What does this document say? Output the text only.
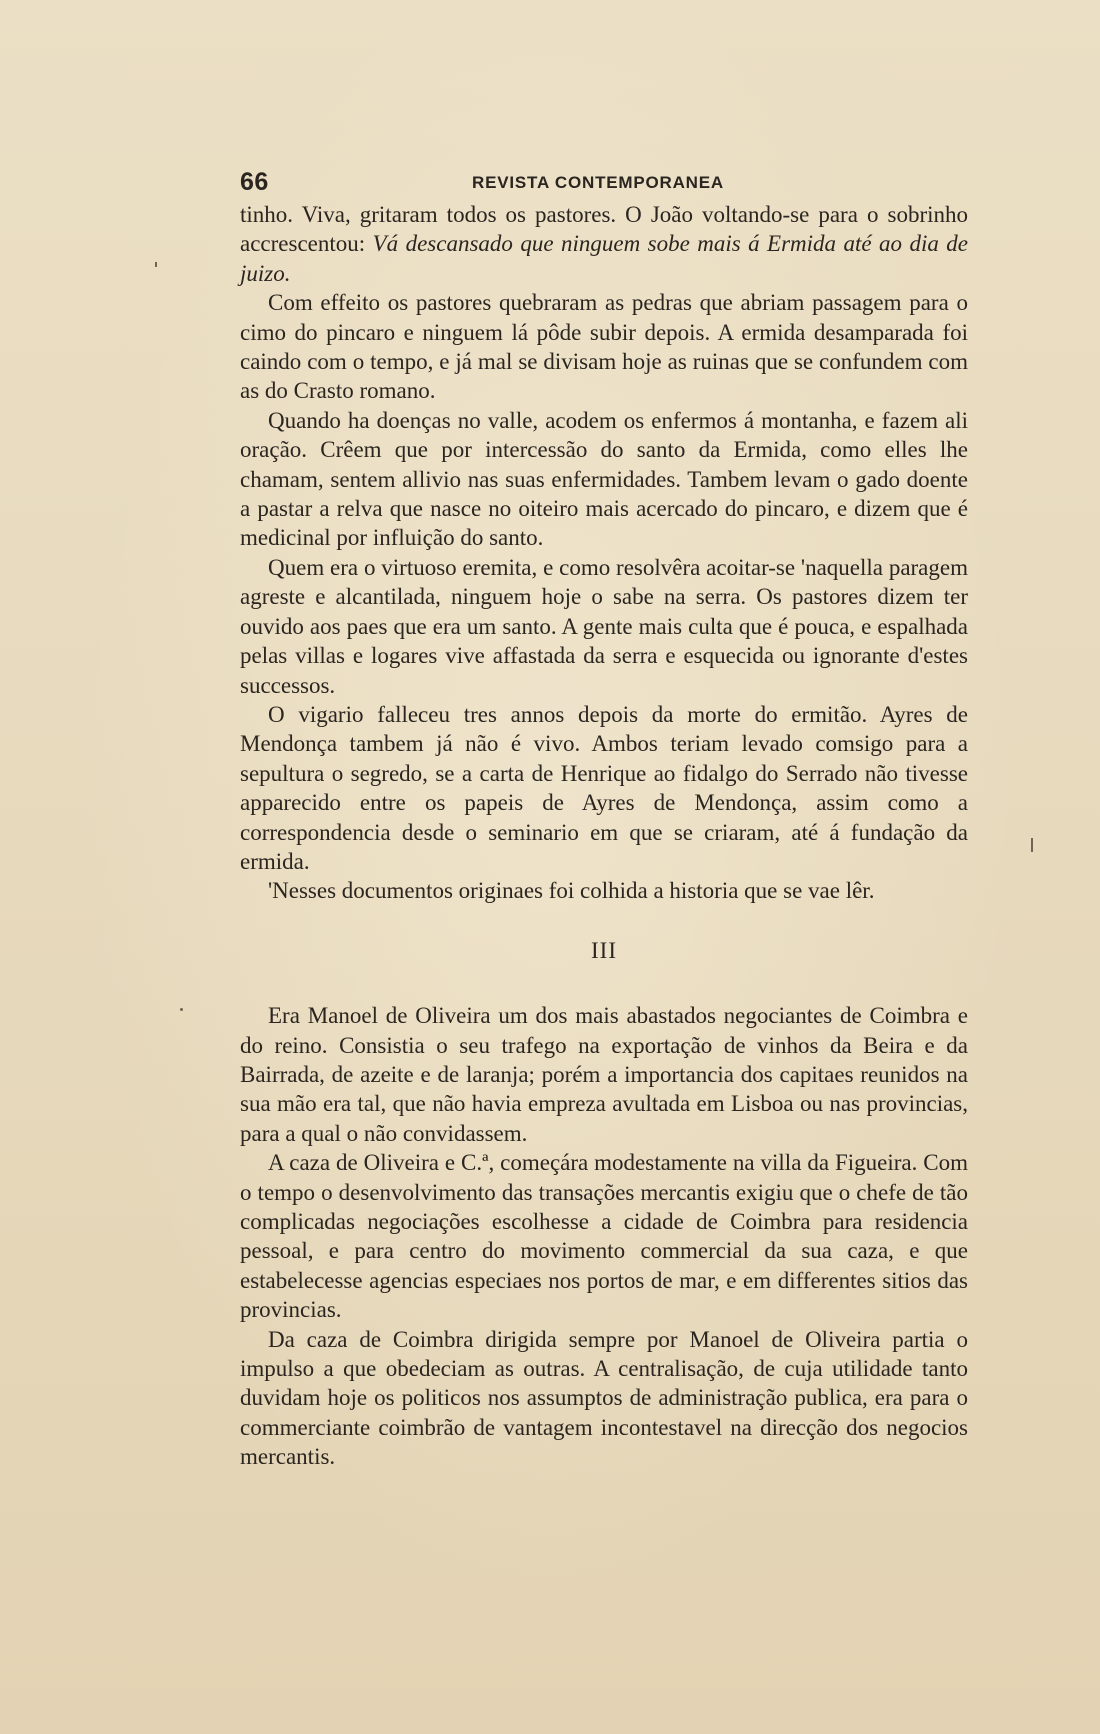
66	REVISTA CONTEMPORANEA

tinho. Viva, gritaram todos os pastores. O João voltando-se para o sobrinho accrescentou: Vá descansado que ninguem sobe mais á Ermida até ao dia de juizo.

Com effeito os pastores quebraram as pedras que abriam passagem para o cimo do pincaro e ninguem lá pôde subir depois. A ermida desamparada foi caindo com o tempo, e já mal se divisam hoje as ruinas que se confundem com as do Crasto romano.

Quando ha doenças no valle, acodem os enfermos á montanha, e fazem ali oração. Crêem que por intercessão do santo da Ermida, como elles lhe chamam, sentem allivio nas suas enfermidades. Tambem levam o gado doente a pastar a relva que nasce no oiteiro mais acercado do pincaro, e dizem que é medicinal por influição do santo.

Quem era o virtuoso eremita, e como resolvêra acoitar-se 'naquella paragem agreste e alcantilada, ninguem hoje o sabe na serra. Os pastores dizem ter ouvido aos paes que era um santo. A gente mais culta que é pouca, e espalhada pelas villas e logares vive affastada da serra e esquecida ou ignorante d'estes successos.

O vigario falleceu tres annos depois da morte do ermitão. Ayres de Mendonça tambem já não é vivo. Ambos teriam levado comsigo para a sepultura o segredo, se a carta de Henrique ao fidalgo do Serrado não tivesse apparecido entre os papeis de Ayres de Mendonça, assim como a correspondencia desde o seminario em que se criaram, até á fundação da ermida.

'Nesses documentos originaes foi colhida a historia que se vae lêr.

III

Era Manoel de Oliveira um dos mais abastados negociantes de Coimbra e do reino. Consistia o seu trafego na exportação de vinhos da Beira e da Bairrada, de azeite e de laranja; porém a importancia dos capitaes reunidos na sua mão era tal, que não havia empreza avultada em Lisboa ou nas provincias, para a qual o não convidassem.

A caza de Oliveira e C.ª, começára modestamente na villa da Figueira. Com o tempo o desenvolvimento das transações mercantis exigiu que o chefe de tão complicadas negociações escolhesse a cidade de Coimbra para residencia pessoal, e para centro do movimento commercial da sua caza, e que estabelecesse agencias especiaes nos portos de mar, e em differentes sitios das provincias.

Da caza de Coimbra dirigida sempre por Manoel de Oliveira partia o impulso a que obedeciam as outras. A centralisação, de cuja utilidade tanto duvidam hoje os politicos nos assumptos de administração publica, era para o commerciante coimbrão de vantagem incontestavel na direcção dos negocios mercantis.
